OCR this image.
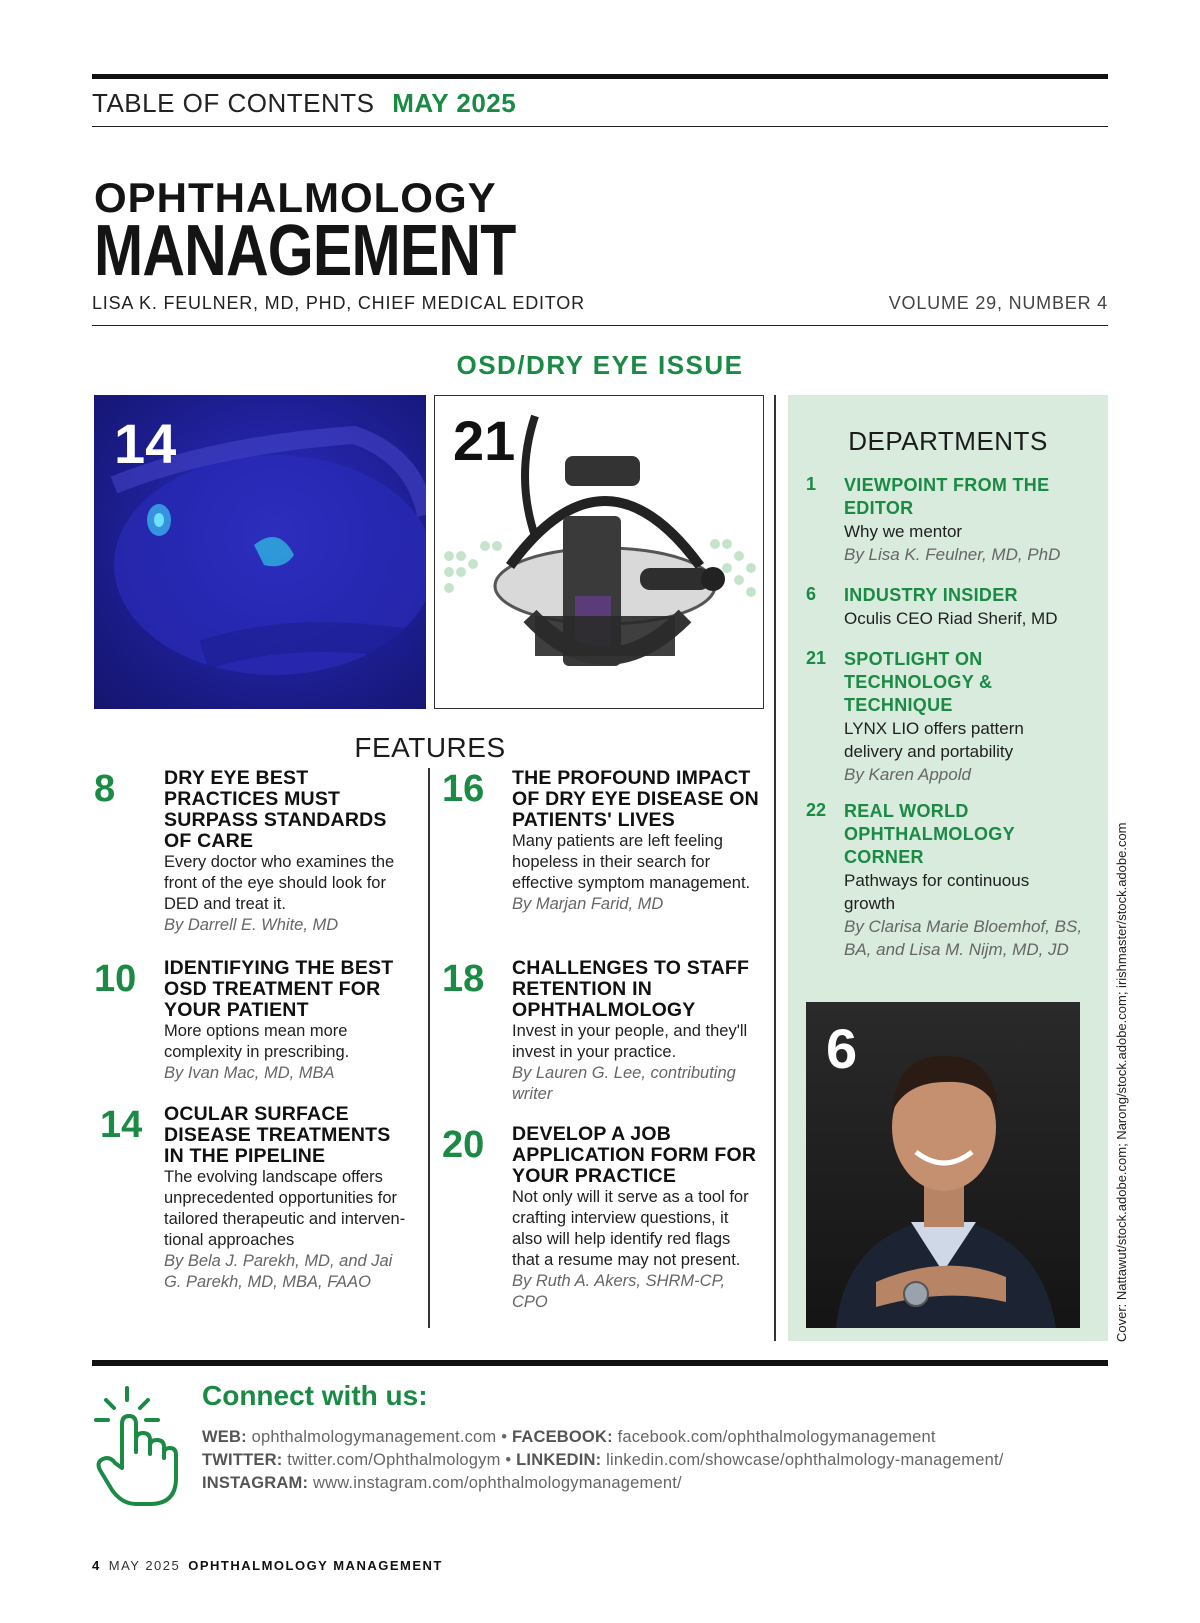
TABLE OF CONTENTS MAY 2025
OPHTHALMOLOGY
MANAGEMENT
LISA K. FEULNER, MD, PHD, CHIEF MEDICAL EDITOR	VOLUME 29, NUMBER 4
OSD/DRY EYE ISSUE
14	21	DEPARTMENTS
1 VIEWPOINT FROM THE EDITOR
Why we mentor
By Lisa K. Feulner, MD, PhD
6 INDUSTRY INSIDER
Oculis CEO Riad Sherif, MD
21 SPOTLIGHT ON TECHNOLOGY & TECHNIQUE
LYNX LIO offers pattern delivery and portability
By Karen Appold
22 REAL WORLD OPHTHALMOLOGY CORNER
Pathways for continuous growth
By Clarisa Marie Bloemhof, BS, BA, and Lisa M. Nijm, MD, JD
6	Cover: Nattawut/stock.adobe.com; Narong/stock.adobe.com; irishmaster/stock.adobe.com
FEATURES
8	DRY EYE BEST PRACTICES MUST SURPASS STANDARDS OF CARE
Every doctor who examines the front of the eye should look for DED and treat it.
By Darrell E. White, MD
10 IDENTIFYING THE BEST OSD TREATMENT FOR YOUR PATIENT
More options mean more complexity in prescribing.
By Ivan Mac, MD, MBA
14 OCULAR SURFACE DISEASE TREATMENTS IN THE PIPELINE
The evolving landscape offers unprecedented opportunities for tailored therapeutic and interven- tional approaches
By Bela J. Parekh, MD, and Jai G. Parekh, MD, MBA, FAAO
16 THE PROFOUND IMPACT OF DRY EYE DISEASE ON PATIENTS' LIVES
Many patients are left feeling hopeless in their search for effective symptom management.
By Marjan Farid, MD
18 CHALLENGES TO STAFF RETENTION IN OPHTHALMOLOGY
Invest in your people, and they'll invest in your practice.
By Lauren G. Lee, contributing writer
20 DEVELOP A JOB APPLICATION FORM FOR YOUR PRACTICE
Not only will it serve as a tool for crafting interview questions, it also will help identify red flags that a resume may not present.
By Ruth A. Akers, SHRM-CP, CPO
Connect with us:
WEB: ophthalmologymanagement.com • FACEBOOK: facebook.com/ophthalmologymanagement
TWITTER: twitter.com/Ophthalmologym • LINKEDIN: linkedin.com/showcase/ophthalmology-management/
INSTAGRAM: www.instagram.com/ophthalmologymanagement/
4 MAY 2025 OPHTHALMOLOGY MANAGEMENT
